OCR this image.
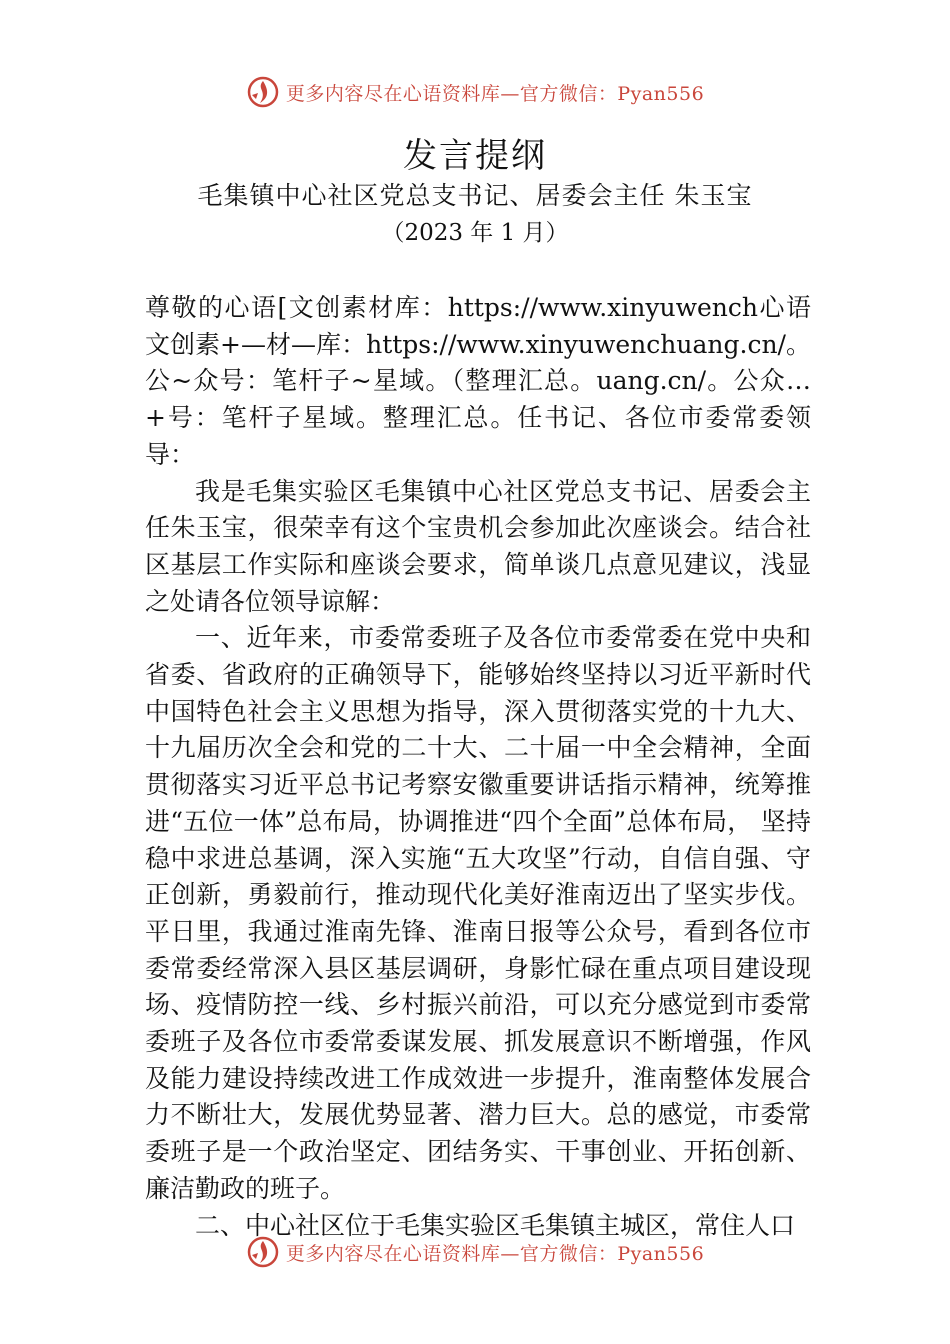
更多内容尽在心语资料库—官方微信：Pyan556
发言提纲
毛集镇中心社区党总支书记、居委会主任 朱玉宝
（2023 年 1 月）

尊敬的心语[文创素材库：https://www.xinyuwench心语文创素+—材—库：https://www.xinyuwenchuang.cn/。公~众号：笔杆子~星域。（整理汇总。uang.cn/。公众…+号：笔杆子星域。整理汇总。任书记、各位市委常委领导：

我是毛集实验区毛集镇中心社区党总支书记、居委会主任朱玉宝，很荣幸有这个宝贵机会参加此次座谈会。结合社区基层工作实际和座谈会要求，简单谈几点意见建议，浅显之处请各位领导谅解：

一、近年来，市委常委班子及各位市委常委在党中央和省委、省政府的正确领导下，能够始终坚持以习近平新时代中国特色社会主义思想为指导，深入贯彻落实党的十九大、十九届历次全会和党的二十大、二十届一中全会精神，全面贯彻落实习近平总书记考察安徽重要讲话指示精神，统筹推进“五位一体”总布局，协调推进“四个全面”总体布局， 坚持稳中求进总基调，深入实施“五大攻坚”行动，自信自强、守正创新，勇毅前行，推动现代化美好淮南迈出了坚实步伐。平日里，我通过淮南先锋、淮南日报等公众号，看到各位市委常委经常深入县区基层调研，身影忙碌在重点项目建设现场、疫情防控一线、乡村振兴前沿，可以充分感觉到市委常委班子及各位市委常委谋发展、抓发展意识不断增强，作风及能力建设持续改进工作成效进一步提升，淮南整体发展合力不断壮大，发展优势显著、潜力巨大。总的感觉，市委常委班子是一个政治坚定、团结务实、干事创业、开拓创新、廉洁勤政的班子。

二、中心社区位于毛集实验区毛集镇主城区，常住人口

更多内容尽在心语资料库—官方微信：Pyan556
